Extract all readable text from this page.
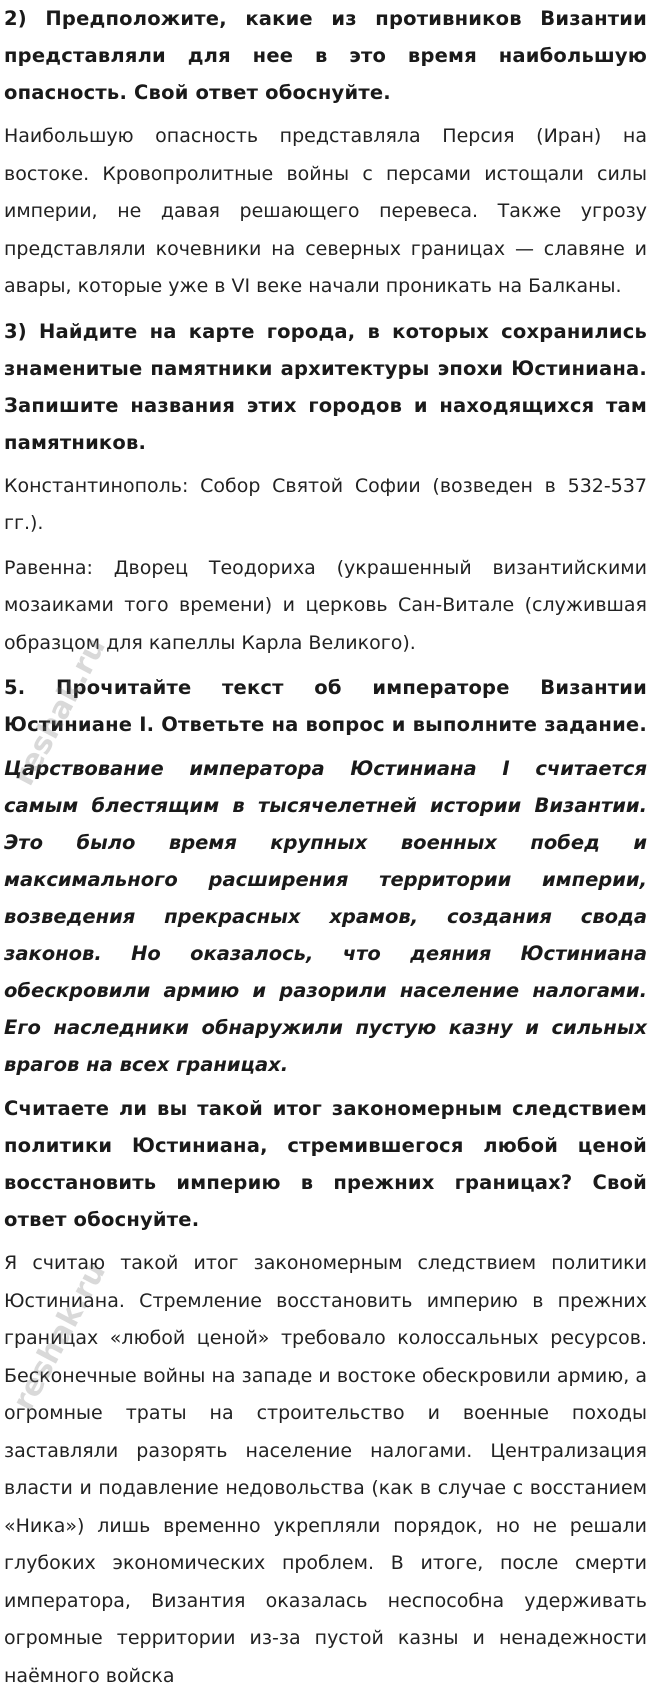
2) Предположите, какие из противников Византии представляли для нее в это время наибольшую опасность. Свой ответ обоснуйте.

Наибольшую опасность представляла Персия (Иран) на востоке. Кровопролитные войны с персами истощали силы империи, не давая решающего перевеса. Также угрозу представляли кочевники на северных границах — славяне и авары, которые уже в VI веке начали проникать на Балканы.

3) Найдите на карте города, в которых сохранились знаменитые памятники архитектуры эпохи Юстиниана. Запишите названия этих городов и находящихся там памятников.

Константинополь: Собор Святой Софии (возведен в 532-537 гг.).

Равенна: Дворец Теодориха (украшенный византийскими мозаиками того времени) и церковь Сан-Витале (служившая образцом для капеллы Карла Великого).

5. Прочитайте текст об императоре Византии Юстиниане I. Ответьте на вопрос и выполните задание.

Царствование императора Юстиниана I считается самым блестящим в тысячелетней истории Византии. Это было время крупных военных побед и максимального расширения территории империи, возведения прекрасных храмов, создания свода законов. Но оказалось, что деяния Юстиниана обескровили армию и разорили население налогами. Его наследники обнаружили пустую казну и сильных врагов на всех границах.

Считаете ли вы такой итог закономерным следствием политики Юстиниана, стремившегося любой ценой восстановить империю в прежних границах? Свой ответ обоснуйте.

Я считаю такой итог закономерным следствием политики Юстиниана. Стремление восстановить империю в прежних границах «любой ценой» требовало колоссальных ресурсов. Бесконечные войны на западе и востоке обескровили армию, а огромные траты на строительство и военные походы заставляли разорять население налогами. Централизация власти и подавление недовольства (как в случае с восстанием «Ника») лишь временно укрепляли порядок, но не решали глубоких экономических проблем. В итоге, после смерти императора, Византия оказалась неспособна удерживать огромные территории из-за пустой казны и ненадежности наёмного войска

reshak.ru
reshak.ru
